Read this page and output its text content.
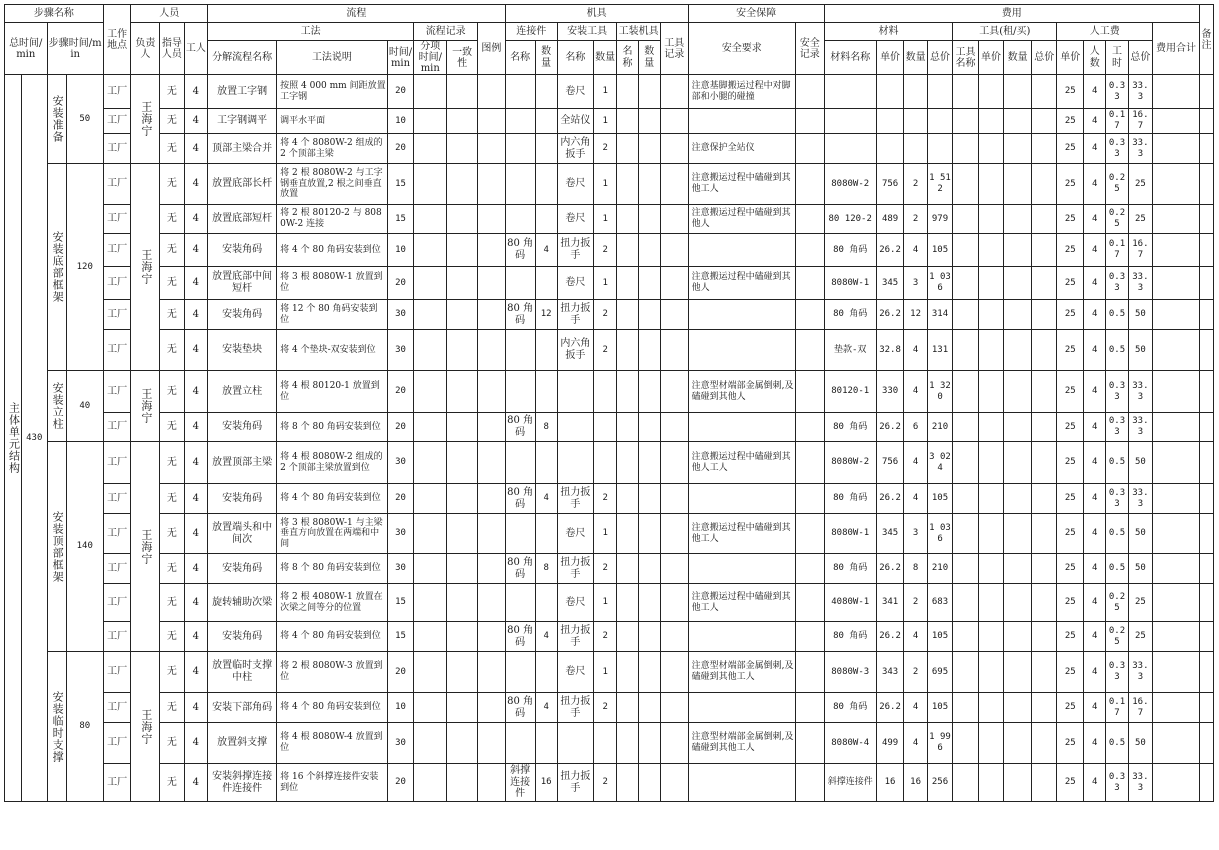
步骤名称				工作地点	人员			流程						机具							安全保障		费用													备注
总时间/min		步骤时间/min			负责人	指导人员	工人	工法			流程记录		图例	连接件		安装工具		工装机具		工具记录	安全要求	安全记录	材料				工具(租/买)				人工费				费用合计	
								分解流程名称	工法说明	时间/min	分项时间/min	一致性		名称	数量	名称	数量	名称	数量				材料名称	单价	数量	总价	工具名称	单价	数量	总价	单价	人数	工时	总价		
主体单元结构	430	安装准备	50	工厂	王海宁	无	4	放置工字钢	按照 4 000 mm 间距放置工字钢	20						卷尺	1				注意基脚搬运过程中对脚部和小腿的碰撞										25	4	0.33	33.3		
				工厂		无	4	工字钢调平	调平水平面	10						全站仪	1														25	4	0.17	16.7		
				工厂		无	4	顶部主梁合并	将 4 个 8080W-2 组成的 2 个顶部主梁	20						内六角扳手	2				注意保护全站仪										25	4	0.33	33.3		
		安装底部框架	120	工厂	王海宁	无	4	放置底部长杆	将 2 根 8080W-2 与工字钢垂直放置,2 根之间垂直放置	15						卷尺	1				注意搬运过程中磕碰到其他工人		8080W-2	756	2	1 512					25	4	0.25	25		
				工厂		无	4	放置底部短杆	将 2 根 80120-2 与 8080W-2 连接	15						卷尺	1				注意搬运过程中磕碰到其他人		80 120-2	489	2	979					25	4	0.25	25		
				工厂		无	4	安装角码	将 4 个 80 角码安装到位	10				80 角码	4	扭力扳手	2						80 角码	26.2	4	105					25	4	0.17	16.7		
				工厂		无	4	放置底部中间短杆	将 3 根 8080W-1 放置到位	20						卷尺	1				注意搬运过程中磕碰到其他人		8080W-1	345	3	1 036					25	4	0.33	33.3		
				工厂		无	4	安装角码	将 12 个 80 角码安装到位	30				80 角码	12	扭力扳手	2						80 角码	26.2	12	314					25	4	0.5	50		
				工厂		无	4	安装垫块	将 4 个垫块-双安装到位	30						内六角扳手	2						垫款-双	32.8	4	131					25	4	0.5	50		
		安装立柱	40	工厂	王海宁	无	4	放置立柱	将 4 根 80120-1 放置到位	20											注意型材端部金属倒刺,及磕碰到其他人		80120-1	330	4	1 320					25	4	0.33	33.3		
				工厂		无	4	安装角码	将 8 个 80 角码安装到位	20				80 角码	8								80 角码	26.2	6	210					25	4	0.33	33.3		
		安装顶部框架	140	工厂	王海宁	无	4	放置顶部主梁	将 4 根 8080W-2 组成的 2 个顶部主梁放置到位	30											注意搬运过程中磕碰到其他人工人		8080W-2	756	4	3 024					25	4	0.5	50		
				工厂		无	4	安装角码	将 4 个 80 角码安装到位	20				80 角码	4	扭力扳手	2						80 角码	26.2	4	105					25	4	0.33	33.3		
				工厂		无	4	放置端头和中间次	将 3 根 8080W-1 与主梁垂直方向放置在两端和中间	30						卷尺	1				注意搬运过程中磕碰到其他工人		8080W-1	345	3	1 036					25	4	0.5	50		
				工厂		无	4	安装角码	将 8 个 80 角码安装到位	30				80 角码	8	扭力扳手	2						80 角码	26.2	8	210					25	4	0.5	50		
				工厂		无	4	旋转辅助次梁	将 2 根 4080W-1 放置在次梁之间等分的位置	15						卷尺	1				注意搬运过程中磕碰到其他工人		4080W-1	341	2	683					25	4	0.25	25		
				工厂		无	4	安装角码	将 4 个 80 角码安装到位	15				80 角码	4	扭力扳手	2						80 角码	26.2	4	105					25	4	0.25	25		
		安装临时支撑	80	工厂	王海宁	无	4	放置临时支撑中柱	将 2 根 8080W-3 放置到位	20						卷尺	1				注意型材端部金属倒刺,及磕碰到其他工人		8080W-3	343	2	695					25	4	0.33	33.3		
				工厂		无	4	安装下部角码	将 4 个 80 角码安装到位	10				80 角码	4	扭力扳手	2						80 角码	26.2	4	105					25	4	0.17	16.7		
				工厂		无	4	放置斜支撑	将 4 根 8080W-4 放置到位	30											注意型材端部金属倒刺,及磕碰到其他工人		8080W-4	499	4	1 996					25	4	0.5	50		
				工厂		无	4	安装斜撑连接件连接件	将 16 个斜撑连接件安装到位	20				斜撑连接件	16	扭力扳手	2						斜撑连接件	16	16	256					25	4	0.33	33.3		
